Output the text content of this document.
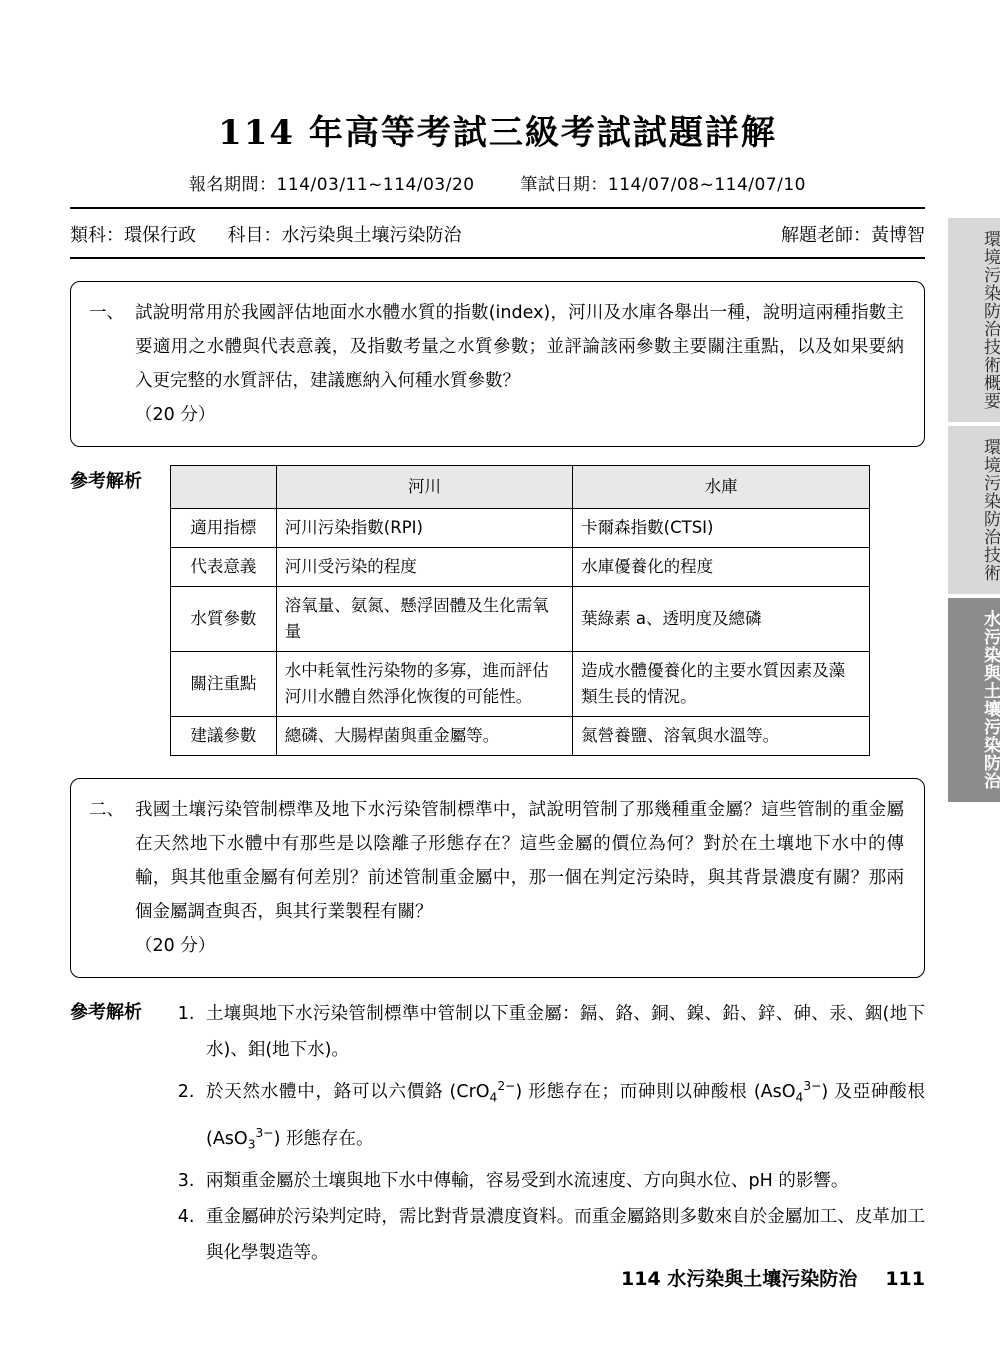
環境污染防治技術概要
環境污染防治技術
水污染與土壤污染防治
114 年高等考試三級考試試題詳解
報名期間：114/03/11~114/03/20	筆試日期：114/07/08~114/07/10
類科：環保行政 科目：水污染與土壤污染防治	解題老師：黃博智
一、 試說明常用於我國評估地面水水體水質的指數(index)，河川及水庫各舉出一種，說明這兩種指數主要適用之水體與代表意義，及指數考量之水質參數；並評論該兩參數主要關注重點，以及如果要納入更完整的水質評估，建議應納入何種水質參數？
（20 分）
參考解析
		河川	水庫
適用指標	河川污染指數(RPI)	卡爾森指數(CTSI)
代表意義	河川受污染的程度	水庫優養化的程度
水質參數	溶氧量、氨氮、懸浮固體及生化需氧量	葉綠素 a、透明度及總磷
關注重點	水中耗氧性污染物的多寡，進而評估河川水體自然淨化恢復的可能性。	造成水體優養化的主要水質因素及藻類生長的情況。
建議參數	總磷、大腸桿菌與重金屬等。	氮營養鹽、溶氧與水溫等。
二、 我國土壤污染管制標準及地下水污染管制標準中，試說明管制了那幾種重金屬？這些管制的重金屬在天然地下水體中有那些是以陰離子形態存在？這些金屬的價位為何？對於在土壤地下水中的傳輸，與其他重金屬有何差別？前述管制重金屬中，那一個在判定污染時，與其背景濃度有關？那兩個金屬調查與否，與其行業製程有關？
（20 分）
參考解析	1. 土壤與地下水污染管制標準中管制以下重金屬：鎘、鉻、銅、鎳、鉛、鋅、砷、汞、銦(地下水)、鉬(地下水)。
2. 於天然水體中，鉻可以六價鉻 (CrO$_4^{2-}$) 形態存在；而砷則以砷酸根 (AsO$_4^{3-}$) 及亞砷酸根 (AsO$_3^{3-}$) 形態存在。
3. 兩類重金屬於土壤與地下水中傳輸，容易受到水流速度、方向與水位、pH 的影響。
4. 重金屬砷於污染判定時，需比對背景濃度資料。而重金屬鉻則多數來自於金屬加工、皮革加工與化學製造等。
114 水污染與土壤污染防治 111
